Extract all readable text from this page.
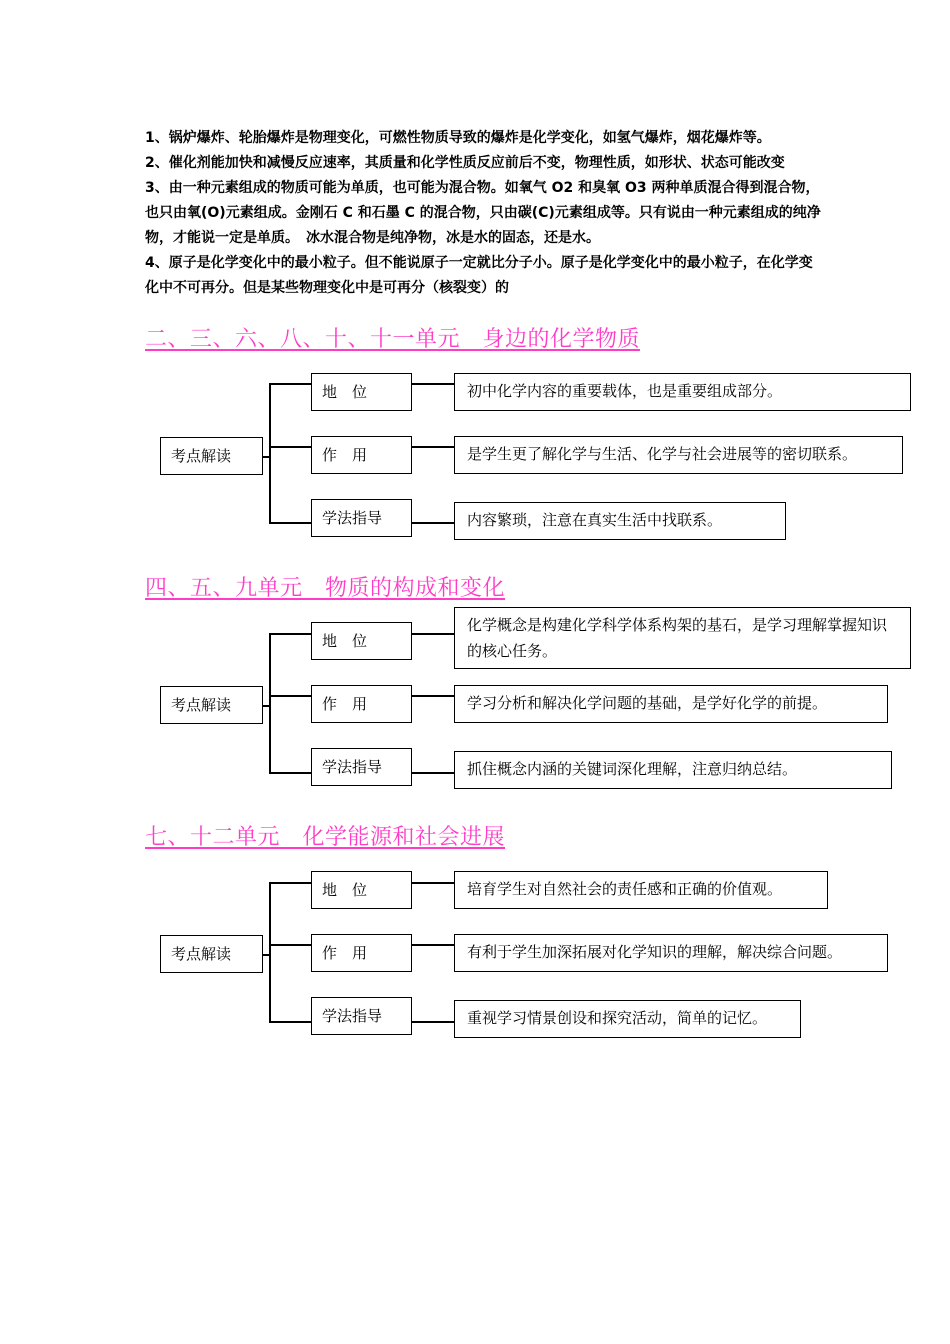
1、锅炉爆炸、轮胎爆炸是物理变化，可燃性物质导致的爆炸是化学变化，如氢气爆炸，烟花爆炸等。

2、催化剂能加快和减慢反应速率，其质量和化学性质反应前后不变，物理性质，如形状、状态可能改变

3、由一种元素组成的物质可能为单质，也可能为混合物。如氧气 O2 和臭氧 O3 两种单质混合得到混合物，也只由氧(O)元素组成。金刚石 C 和石墨 C 的混合物，只由碳(C)元素组成等。只有说由一种元素组成的纯净物，才能说一定是单质。　冰水混合物是纯净物，冰是水的固态，还是水。

4、原子是化学变化中的最小粒子。但不能说原子一定就比分子小。原子是化学变化中的最小粒子，在化学变化中不可再分。但是某些物理变化中是可再分（核裂变）的

二、三、六、八、十、十一单元　身边的化学物质
考点解读
地　位
作　用
学法指导
初中化学内容的重要载体，也是重要组成部分。
是学生更了解化学与生活、化学与社会进展等的密切联系。
内容繁琐，注意在真实生活中找联系。
四、五、九单元　物质的构成和变化
考点解读
地　位
作　用
学法指导
化学概念是构建化学科学体系构架的基石，是学习理解掌握知识的核心任务。
学习分析和解决化学问题的基础，是学好化学的前提。
抓住概念内涵的关键词深化理解，注意归纳总结。
七、十二单元　化学能源和社会进展
考点解读
地　位
作　用
学法指导
培育学生对自然社会的责任感和正确的价值观。
有利于学生加深拓展对化学知识的理解，解决综合问题。
重视学习情景创设和探究活动，简单的记忆。
